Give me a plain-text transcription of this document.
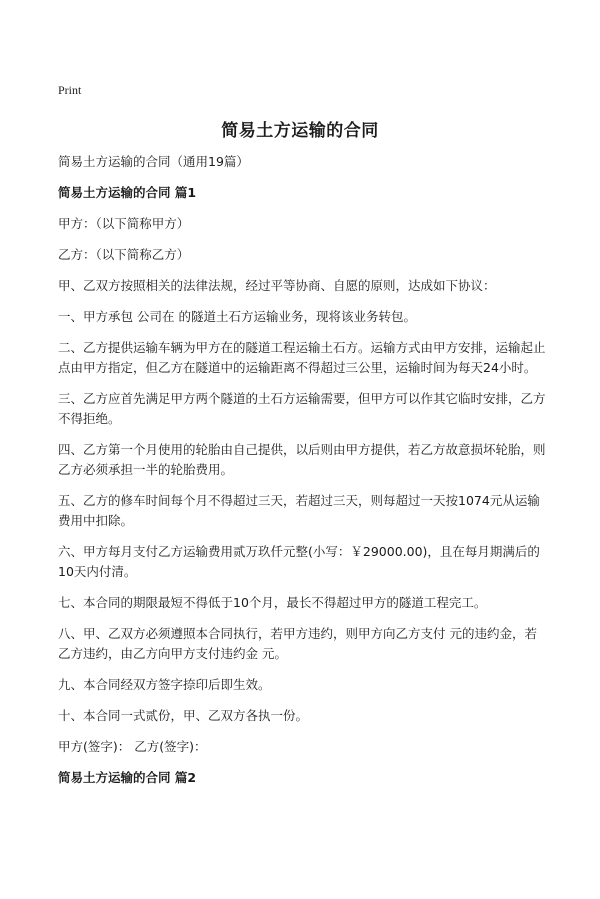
Print
简易土方运输的合同

简易土方运输的合同（通用19篇）

简易土方运输的合同 篇1

甲方：（以下简称甲方）

乙方：（以下简称乙方）

甲、乙双方按照相关的法律法规，经过平等协商、自愿的原则，达成如下协议：

一、甲方承包 公司在 的隧道土石方运输业务，现将该业务转包。

二、乙方提供运输车辆为甲方在的隧道工程运输土石方。运输方式由甲方安排，运输起止点由甲方指定，但乙方在隧道中的运输距离不得超过三公里，运输时间为每天24小时。

三、乙方应首先满足甲方两个隧道的土石方运输需要，但甲方可以作其它临时安排，乙方不得拒绝。

四、乙方第一个月使用的轮胎由自己提供，以后则由甲方提供，若乙方故意损坏轮胎，则乙方必须承担一半的轮胎费用。

五、乙方的修车时间每个月不得超过三天，若超过三天，则每超过一天按1074元从运输费用中扣除。

六、甲方每月支付乙方运输费用贰万玖仟元整(小写：￥29000.00)，且在每月期满后的10天内付清。

七、本合同的期限最短不得低于10个月，最长不得超过甲方的隧道工程完工。

八、甲、乙双方必须遵照本合同执行，若甲方违约，则甲方向乙方支付 元的违约金，若乙方违约，由乙方向甲方支付违约金 元。

九、本合同经双方签字捺印后即生效。

十、本合同一式贰份，甲、乙双方各执一份。

甲方(签字)： 乙方(签字)：

简易土方运输的合同 篇2
